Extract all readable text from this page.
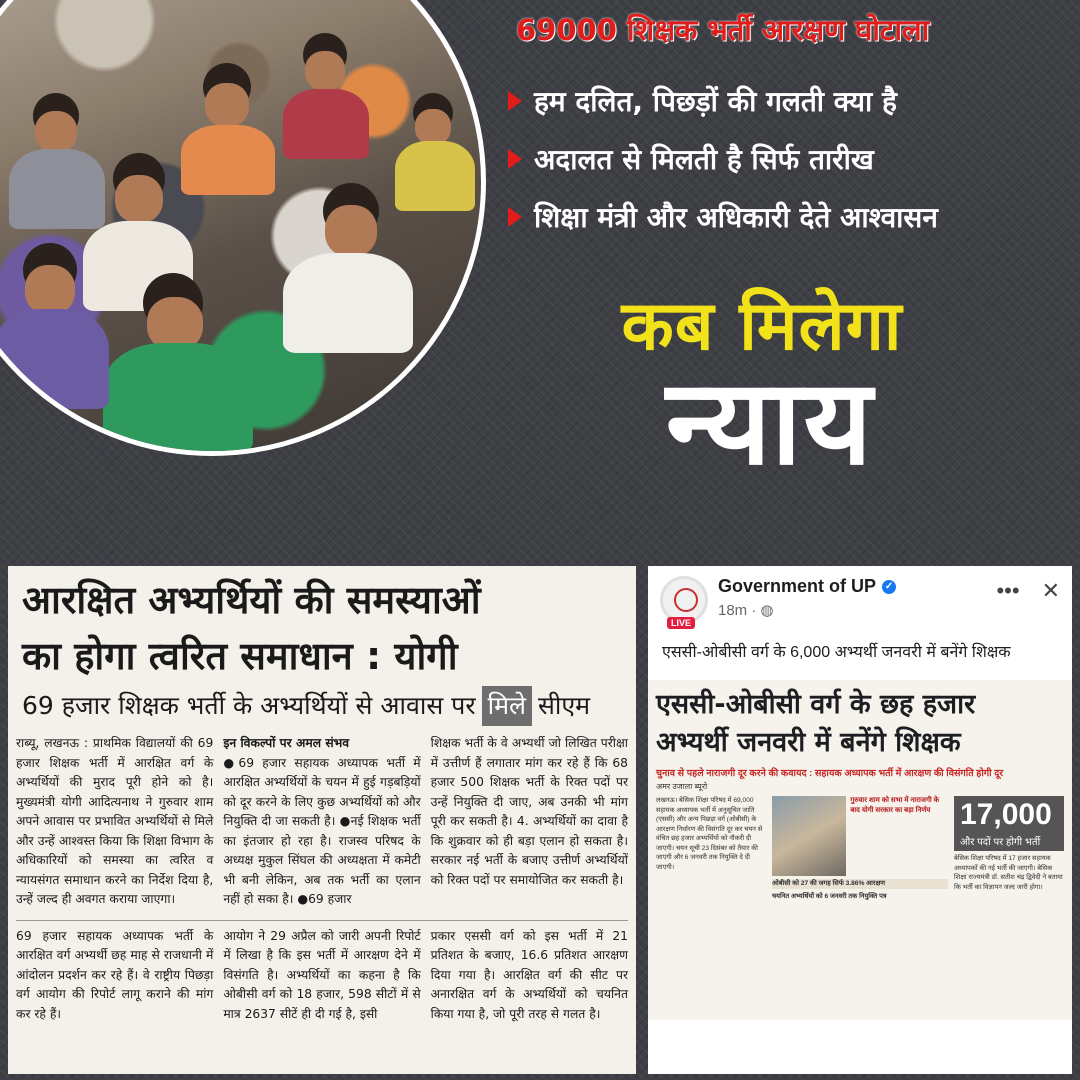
69000 शिक्षक भर्ती आरक्षण घोटाला
हम दलित, पिछड़ों की गलती क्या है
अदालत से मिलती है सिर्फ तारीख
शिक्षा मंत्री और अधिकारी देते आश्वासन
कब मिलेगा
न्याय
आरक्षित अभ्यर्थियों की समस्याओं
का होगा त्वरित समाधान : योगी
69 हजार शिक्षक भर्ती के अभ्यर्थियों से आवास पर मिले सीएम
राब्यू, लखनऊ : प्राथमिक विद्यालयों की 69 हजार शिक्षक भर्ती में आरक्षित वर्ग के अभ्यर्थियों की मुराद पूरी होने को है। मुख्यमंत्री योगी आदित्यनाथ ने गुरुवार शाम अपने आवास पर प्रभावित अभ्यर्थियों से मिले और उन्हें आश्वस्त किया कि शिक्षा विभाग के अधिकारियों को समस्या का त्वरित व न्यायसंगत समाधान करने का निर्देश दिया है, उन्हें जल्द ही अवगत कराया जाएगा।
इन विकल्पों पर अमल संभव
●69 हजार सहायक अध्यापक भर्ती में आरक्षित अभ्यर्थियों के चयन में हुई गड़बड़ियों को दूर करने के लिए कुछ अभ्यर्थियों को और नियुक्ति दी जा सकती है। ●नई शिक्षक भर्ती का इंतजार हो रहा है। राजस्व परिषद के अध्यक्ष मुकुल सिंघल की अध्यक्षता में कमेटी भी बनी लेकिन, अब तक भर्ती का एलान नहीं हो सका है। ●69 हजार
शिक्षक भर्ती के वे अभ्यर्थी जो लिखित परीक्षा में उत्तीर्ण हैं लगातार मांग कर रहे हैं कि 68 हजार 500 शिक्षक भर्ती के रिक्त पदों पर उन्हें नियुक्ति दी जाए, अब उनकी भी मांग पूरी कर सकती है। 4. अभ्यर्थियों का दावा है कि शुक्रवार को ही बड़ा एलान हो सकता है। सरकार नई भर्ती के बजाए उत्तीर्ण अभ्यर्थियों को रिक्त पदों पर समायोजित कर सकती है।
69 हजार सहायक अध्यापक भर्ती के आरक्षित वर्ग अभ्यर्थी छह माह से राजधानी में आंदोलन प्रदर्शन कर रहे हैं। वे राष्ट्रीय पिछड़ा वर्ग आयोग की रिपोर्ट लागू कराने की मांग कर रहे हैं।
आयोग ने 29 अप्रैल को जारी अपनी रिपोर्ट में लिखा है कि इस भर्ती में आरक्षण देने में विसंगति है। अभ्यर्थियों का कहना है कि ओबीसी वर्ग को 18 हजार, 598 सीटों में से मात्र 2637 सीटें ही दी गई है, इसी
प्रकार एससी वर्ग को इस भर्ती में 21 प्रतिशत के बजाए, 16.6 प्रतिशत आरक्षण दिया गया है। आरक्षित वर्ग की सीट पर अनारक्षित वर्ग के अभ्यर्थियों को चयनित किया गया है, जो पूरी तरह से गलत है।
LIVE
Government of UP ✓
18m · ◍
••• ✕
एससी-ओबीसी वर्ग के 6,000 अभ्यर्थी जनवरी में बनेंगे शिक्षक
एससी-ओबीसी वर्ग के छह हजार
अभ्यर्थी जनवरी में बनेंगे शिक्षक
चुनाव से पहले नाराजगी दूर करने की कवायद : सहायक अध्यापक भर्ती में आरक्षण की विसंगति होगी दूर
अमर उजाला ब्यूरो
लखनऊ। बेसिक शिक्षा परिषद में 69,000 सहायक अध्यापक भर्ती में अनुसूचित जाति (एससी) और अन्य पिछड़ा वर्ग (ओबीसी) के आरक्षण निर्धारण की विसंगति दूर कर चयन से वंचित छह हजार अभ्यर्थियों को नौकरी दी जाएगी। चयन सूची 23 दिसंबर को तैयार की जाएगी और 6 जनवरी तक नियुक्ति दे दी जाएगी।
गुरुवार शाम को सभा में नाराजगी के बाद योगी सरकार का बड़ा निर्णय
ओबीसी को 27 की जगह सिर्फ 3.86% आरक्षण
चयनित अभ्यर्थियों को 6 जनवरी तक नियुक्ति पत्र
17,000
और पदों पर होगी भर्ती
बेसिक शिक्षा परिषद में 17 हजार सहायक अध्यापकों की नई भर्ती की जाएगी। बेसिक शिक्षा राज्यमंत्री डॉ. सतीश चंद्र द्विवेदी ने बताया कि भर्ती का विज्ञापन जल्द जारी होगा।
